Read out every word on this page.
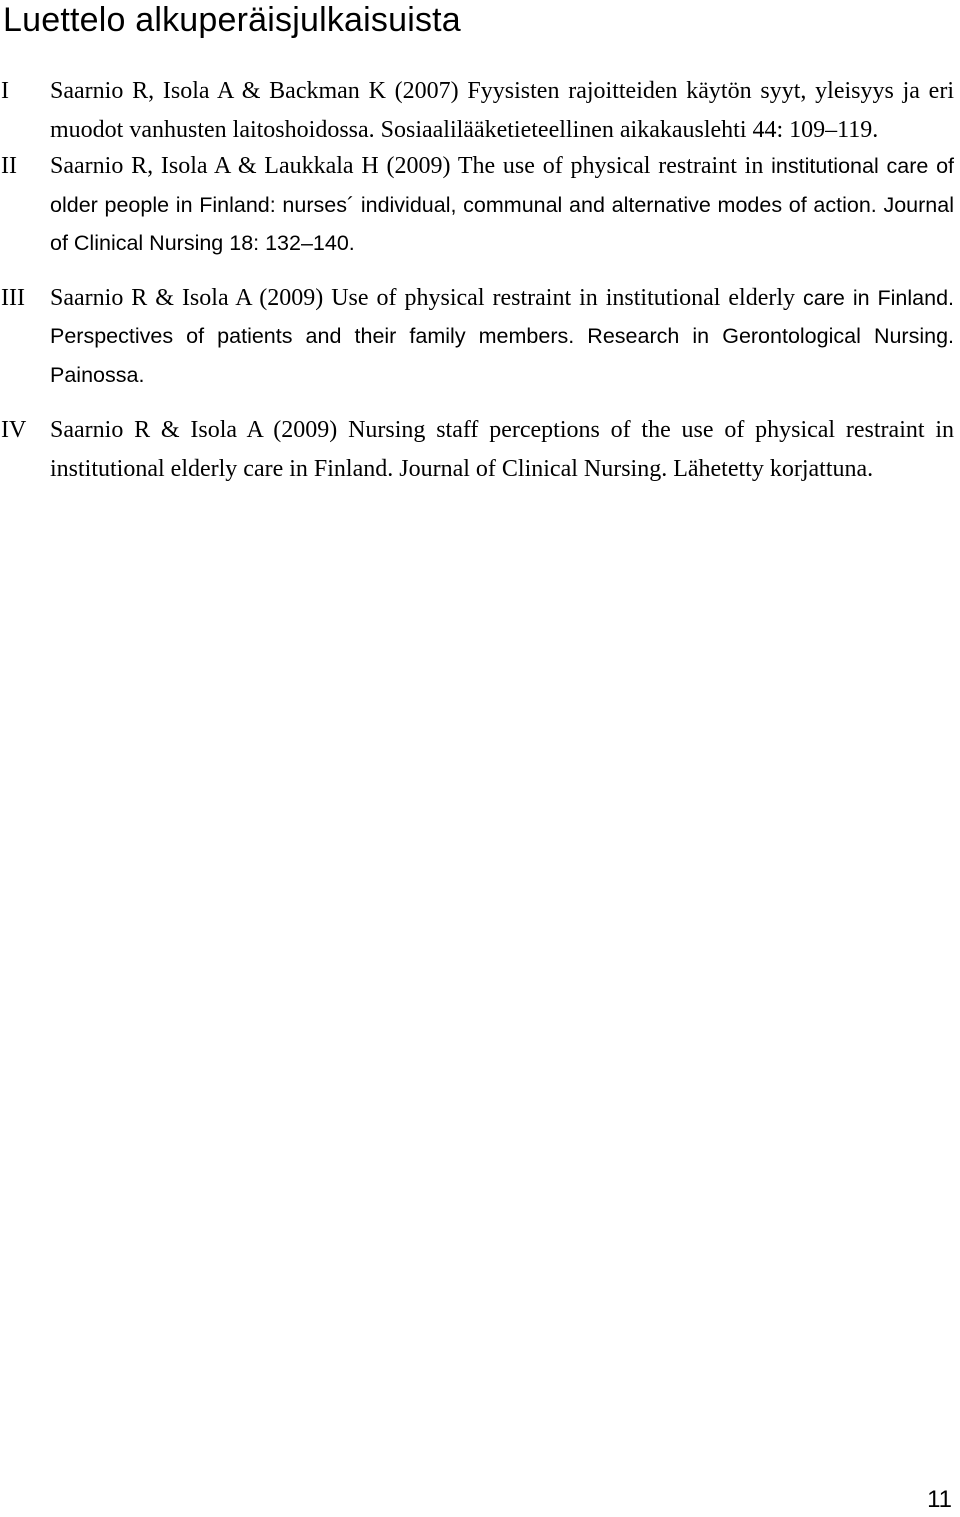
Luettelo alkuperäisjulkaisuista
I Saarnio R, Isola A & Backman K (2007) Fyysisten rajoitteiden käytön syyt, yleisyys ja eri muodot vanhusten laitoshoidossa. Sosiaalilääketieteellinen aikakauslehti 44: 109–119.
II Saarnio R, Isola A & Laukkala H (2009) The use of physical restraint in institutional care of older people in Finland: nurses´ individual, communal and alternative modes of action. Journal of Clinical Nursing 18: 132–140.
III Saarnio R & Isola A (2009) Use of physical restraint in institutional elderly care in Finland. Perspectives of patients and their family members. Research in Gerontological Nursing. Painossa.
IV Saarnio R & Isola A (2009) Nursing staff perceptions of the use of physical restraint in institutional elderly care in Finland. Journal of Clinical Nursing. Lähetetty korjattuna.
11
